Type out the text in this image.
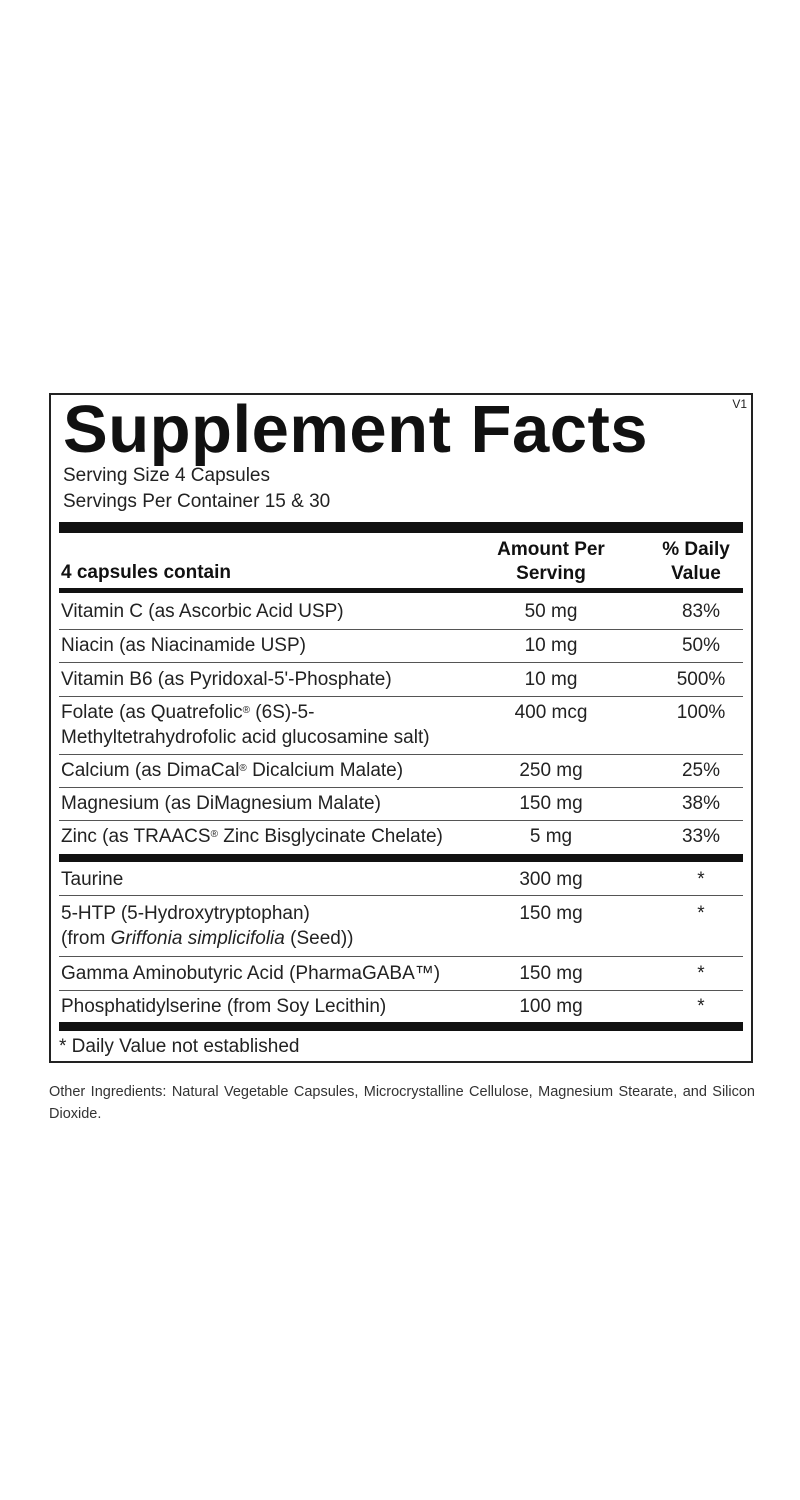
Supplement Facts	V1
Serving Size 4 Capsules
Servings Per Container 15 & 30
4 capsules contain
Amount Per
Serving
% Daily
Value
Vitamin C (as Ascorbic Acid USP)	50 mg	83%
Niacin (as Niacinamide USP)	10 mg	50%
Vitamin B6 (as Pyridoxal-5'-Phosphate)	10 mg	500%
Folate (as Quatrefolic® (6S)-5-
Methyltetrahydrofolic acid glucosamine salt)
400 mcg	100%
Calcium (as DimaCal® Dicalcium Malate)	250 mg	25%
Magnesium (as DiMagnesium Malate)	150 mg	38%
Zinc (as TRAACS® Zinc Bisglycinate Chelate)	5 mg	33%
Taurine	300 mg	*
5-HTP (5-Hydroxytryptophan)
(from Griffonia simplicifolia (Seed))
150 mg	*
Gamma Aminobutyric Acid (PharmaGABA™)	150 mg	*
Phosphatidylserine (from Soy Lecithin)	100 mg	*
* Daily Value not established
Other Ingredients: Natural Vegetable Capsules, Microcrystalline Cellulose, Magnesium Stearate, and Silicon Dioxide.
